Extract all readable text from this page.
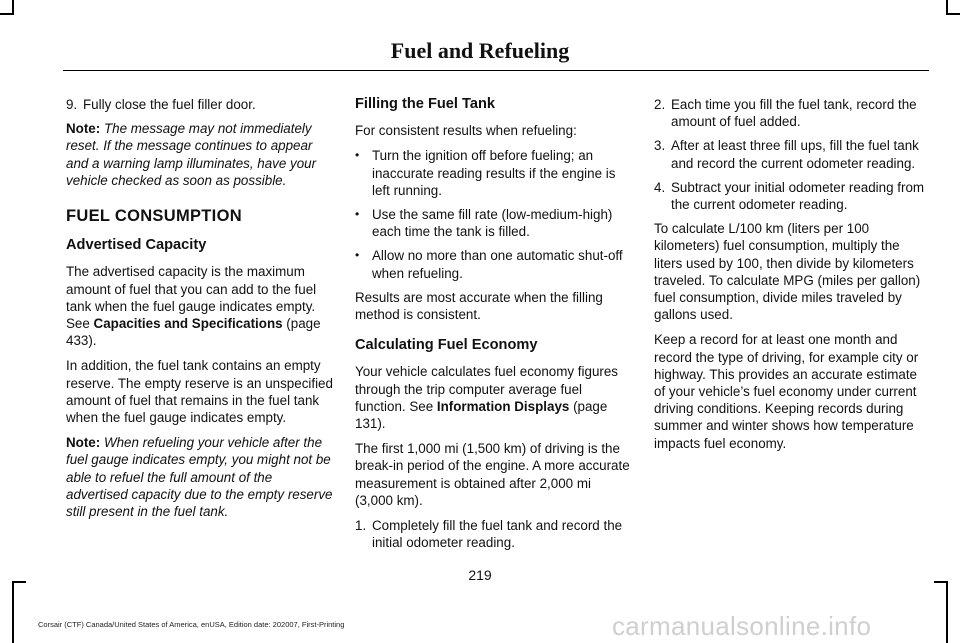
Fuel and Refueling
9. Fully close the fuel filler door.

Note: The message may not immediately reset. If the message continues to appear and a warning lamp illuminates, have your vehicle checked as soon as possible.

FUEL CONSUMPTION
Advertised Capacity

The advertised capacity is the maximum amount of fuel that you can add to the fuel tank when the fuel gauge indicates empty. See Capacities and Specifications (page 433).

In addition, the fuel tank contains an empty reserve. The empty reserve is an unspecified amount of fuel that remains in the fuel tank when the fuel gauge indicates empty.

Note: When refueling your vehicle after the fuel gauge indicates empty, you might not be able to refuel the full amount of the advertised capacity due to the empty reserve still present in the fuel tank.

Filling the Fuel Tank

For consistent results when refueling:

• Turn the ignition off before fueling; an inaccurate reading results if the engine is left running.
• Use the same fill rate (low-medium-high) each time the tank is filled.
• Allow no more than one automatic shut-off when refueling.

Results are most accurate when the filling method is consistent.

Calculating Fuel Economy

Your vehicle calculates fuel economy figures through the trip computer average fuel function. See Information Displays (page 131).

The first 1,000 mi (1,500 km) of driving is the break-in period of the engine. A more accurate measurement is obtained after 2,000 mi (3,000 km).

1. Completely fill the fuel tank and record the initial odometer reading.
2. Each time you fill the fuel tank, record the amount of fuel added.
3. After at least three fill ups, fill the fuel tank and record the current odometer reading.
4. Subtract your initial odometer reading from the current odometer reading.

To calculate L/100 km (liters per 100 kilometers) fuel consumption, multiply the liters used by 100, then divide by kilometers traveled. To calculate MPG (miles per gallon) fuel consumption, divide miles traveled by gallons used.

Keep a record for at least one month and record the type of driving, for example city or highway. This provides an accurate estimate of your vehicle’s fuel economy under current driving conditions. Keeping records during summer and winter shows how temperature impacts fuel economy.

219
Corsair (CTF) Canada/United States of America, enUSA, Edition date: 202007, First-Printing	carmanualsonline.info
